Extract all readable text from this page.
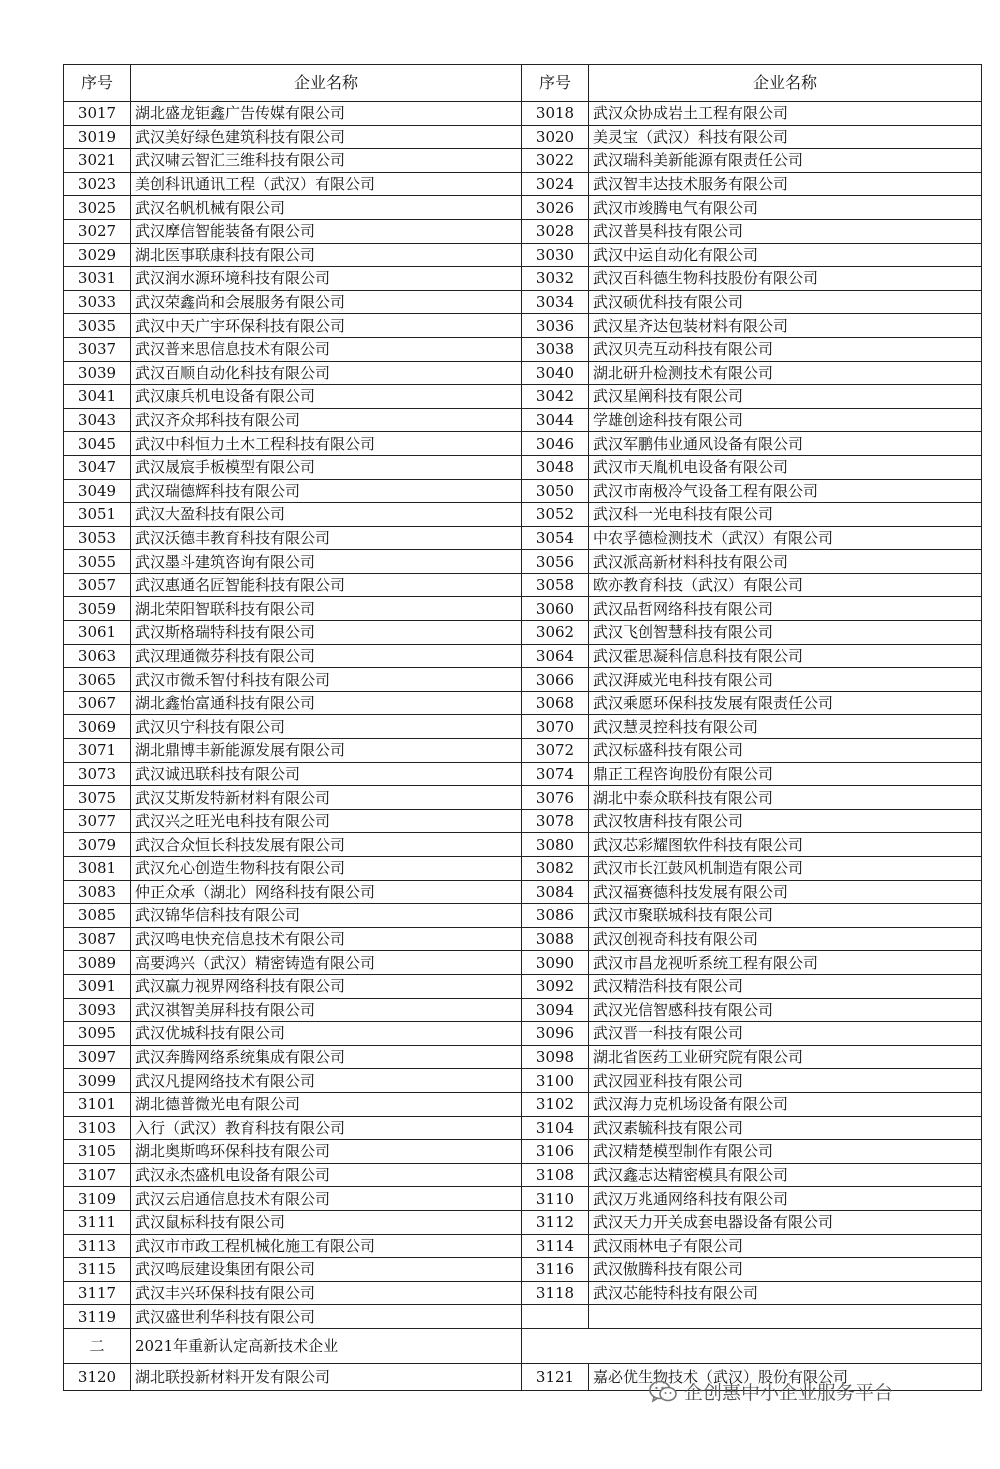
序号	企业名称	序号	企业名称
3017	湖北盛龙钜鑫广告传媒有限公司	3018	武汉众协成岩土工程有限公司
3019	武汉美好绿色建筑科技有限公司	3020	美灵宝（武汉）科技有限公司
3021	武汉啸云智汇三维科技有限公司	3022	武汉瑞科美新能源有限责任公司
3023	美创科讯通讯工程（武汉）有限公司	3024	武汉智丰达技术服务有限公司
3025	武汉名帆机械有限公司	3026	武汉市竣腾电气有限公司
3027	武汉摩信智能装备有限公司	3028	武汉普昊科技有限公司
3029	湖北医事联康科技有限公司	3030	武汉中运自动化有限公司
3031	武汉润水源环境科技有限公司	3032	武汉百科德生物科技股份有限公司
3033	武汉荣鑫尚和会展服务有限公司	3034	武汉硕优科技有限公司
3035	武汉中天广宇环保科技有限公司	3036	武汉星齐达包装材料有限公司
3037	武汉普来思信息技术有限公司	3038	武汉贝壳互动科技有限公司
3039	武汉百顺自动化科技有限公司	3040	湖北研升检测技术有限公司
3041	武汉康兵机电设备有限公司	3042	武汉星阐科技有限公司
3043	武汉齐众邦科技有限公司	3044	学雄创途科技有限公司
3045	武汉中科恒力土木工程科技有限公司	3046	武汉军鹏伟业通风设备有限公司
3047	武汉晟宸手板模型有限公司	3048	武汉市天胤机电设备有限公司
3049	武汉瑞德辉科技有限公司	3050	武汉市南极冷气设备工程有限公司
3051	武汉大盈科技有限公司	3052	武汉科一光电科技有限公司
3053	武汉沃德丰教育科技有限公司	3054	中农孚德检测技术（武汉）有限公司
3055	武汉墨斗建筑咨询有限公司	3056	武汉派高新材料科技有限公司
3057	武汉惠通名匠智能科技有限公司	3058	欧亦教育科技（武汉）有限公司
3059	湖北荣阳智联科技有限公司	3060	武汉品哲网络科技有限公司
3061	武汉斯格瑞特科技有限公司	3062	武汉飞创智慧科技有限公司
3063	武汉理通微芬科技有限公司	3064	武汉霍思凝科信息科技有限公司
3065	武汉市微禾智付科技有限公司	3066	武汉湃威光电科技有限公司
3067	湖北鑫怡富通科技有限公司	3068	武汉乘愿环保科技发展有限责任公司
3069	武汉贝宁科技有限公司	3070	武汉慧灵控科技有限公司
3071	湖北鼎博丰新能源发展有限公司	3072	武汉标盛科技有限公司
3073	武汉诚迅联科技有限公司	3074	鼎正工程咨询股份有限公司
3075	武汉艾斯发特新材料有限公司	3076	湖北中泰众联科技有限公司
3077	武汉兴之旺光电科技有限公司	3078	武汉牧唐科技有限公司
3079	武汉合众恒长科技发展有限公司	3080	武汉芯彩耀图软件科技有限公司
3081	武汉允心创造生物科技有限公司	3082	武汉市长江鼓风机制造有限公司
3083	仲正众承（湖北）网络科技有限公司	3084	武汉福赛德科技发展有限公司
3085	武汉锦华信科技有限公司	3086	武汉市聚联城科技有限公司
3087	武汉鸣电快充信息技术有限公司	3088	武汉创视奇科技有限公司
3089	高要鸿兴（武汉）精密铸造有限公司	3090	武汉市昌龙视听系统工程有限公司
3091	武汉赢力视界网络科技有限公司	3092	武汉精浩科技有限公司
3093	武汉祺智美屏科技有限公司	3094	武汉光信智感科技有限公司
3095	武汉优城科技有限公司	3096	武汉晋一科技有限公司
3097	武汉奔腾网络系统集成有限公司	3098	湖北省医药工业研究院有限公司
3099	武汉凡提网络技术有限公司	3100	武汉园亚科技有限公司
3101	湖北德普微光电有限公司	3102	武汉海力克机场设备有限公司
3103	入行（武汉）教育科技有限公司	3104	武汉素毓科技有限公司
3105	湖北奥斯鸣环保科技有限公司	3106	武汉精楚模型制作有限公司
3107	武汉永杰盛机电设备有限公司	3108	武汉鑫志达精密模具有限公司
3109	武汉云启通信息技术有限公司	3110	武汉万兆通网络科技有限公司
3111	武汉鼠标科技有限公司	3112	武汉天力开关成套电器设备有限公司
3113	武汉市市政工程机械化施工有限公司	3114	武汉雨林电子有限公司
3115	武汉鸣辰建设集团有限公司	3116	武汉傲腾科技有限公司
3117	武汉丰兴环保科技有限公司	3118	武汉芯能特科技有限公司
3119	武汉盛世利华科技有限公司		
二	2021年重新认定高新技术企业		
3120	湖北联投新材料开发有限公司	3121	嘉必优生物技术（武汉）股份有限公司
企创惠中小企业服务平台
